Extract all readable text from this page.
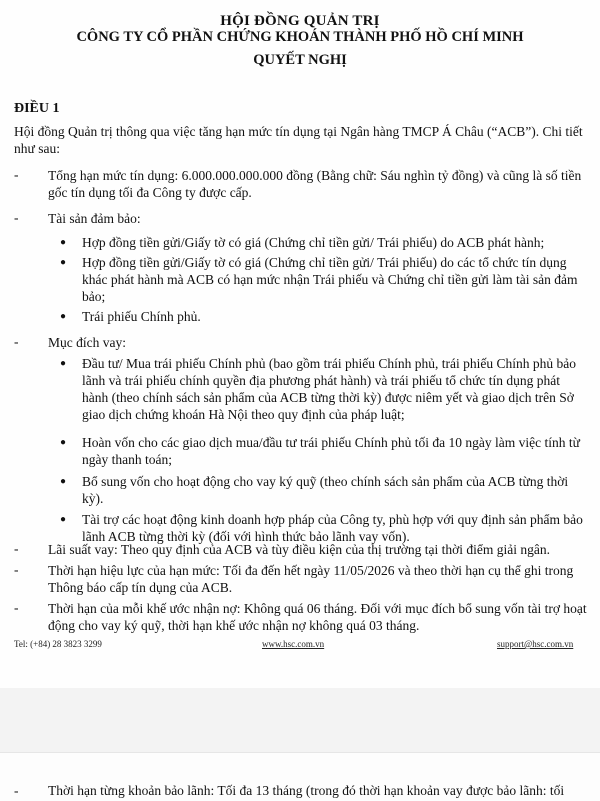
HỘI ĐỒNG QUẢN TRỊ
CÔNG TY CỔ PHẦN CHỨNG KHOÁN THÀNH PHỐ HỒ CHÍ MINH
QUYẾT NGHỊ
ĐIỀU 1
Hội đồng Quản trị thông qua việc tăng hạn mức tín dụng tại Ngân hàng TMCP Á Châu (“ACB”). Chi tiết như sau:
- Tổng hạn mức tín dụng: 6.000.000.000.000 đồng (Bằng chữ: Sáu nghìn tỷ đồng) và cũng là số tiền gốc tín dụng tối đa Công ty được cấp.
- Tài sản đảm bảo:
● Hợp đồng tiền gửi/Giấy tờ có giá (Chứng chỉ tiền gửi/ Trái phiếu) do ACB phát hành;
● Hợp đồng tiền gửi/Giấy tờ có giá (Chứng chỉ tiền gửi/ Trái phiếu) do các tổ chức tín dụng khác phát hành mà ACB có hạn mức nhận Trái phiếu và Chứng chỉ tiền gửi làm tài sản đảm bảo;
● Trái phiếu Chính phủ.
- Mục đích vay:
● Đầu tư/ Mua trái phiếu Chính phủ (bao gồm trái phiếu Chính phủ, trái phiếu Chính phủ bảo lãnh và trái phiếu chính quyền địa phương phát hành) và trái phiếu tổ chức tín dụng phát hành (theo chính sách sản phẩm của ACB từng thời kỳ) được niêm yết và giao dịch trên Sở giao dịch chứng khoán Hà Nội theo quy định của pháp luật;
● Hoàn vốn cho các giao dịch mua/đầu tư trái phiếu Chính phủ tối đa 10 ngày làm việc tính từ ngày thanh toán;
● Bổ sung vốn cho hoạt động cho vay ký quỹ (theo chính sách sản phẩm của ACB từng thời kỳ).
● Tài trợ các hoạt động kinh doanh hợp pháp của Công ty, phù hợp với quy định sản phẩm bảo lãnh ACB từng thời kỳ (đối với hình thức bảo lãnh vay vốn).
- Lãi suất vay: Theo quy định của ACB và tùy điều kiện của thị trường tại thời điểm giải ngân.
- Thời hạn hiệu lực của hạn mức: Tối đa đến hết ngày 11/05/2026 và theo thời hạn cụ thể ghi trong Thông báo cấp tín dụng của ACB.
- Thời hạn của mỗi khế ước nhận nợ: Không quá 06 tháng. Đối với mục đích bổ sung vốn tài trợ hoạt động cho vay ký quỹ, thời hạn khế ước nhận nợ không quá 03 tháng.
Tel: (+84) 28 3823 3299	www.hsc.com.vn	support@hsc.com.vn
- Thời hạn từng khoản bảo lãnh: Tối đa 13 tháng (trong đó thời hạn khoản vay được bảo lãnh: tối
